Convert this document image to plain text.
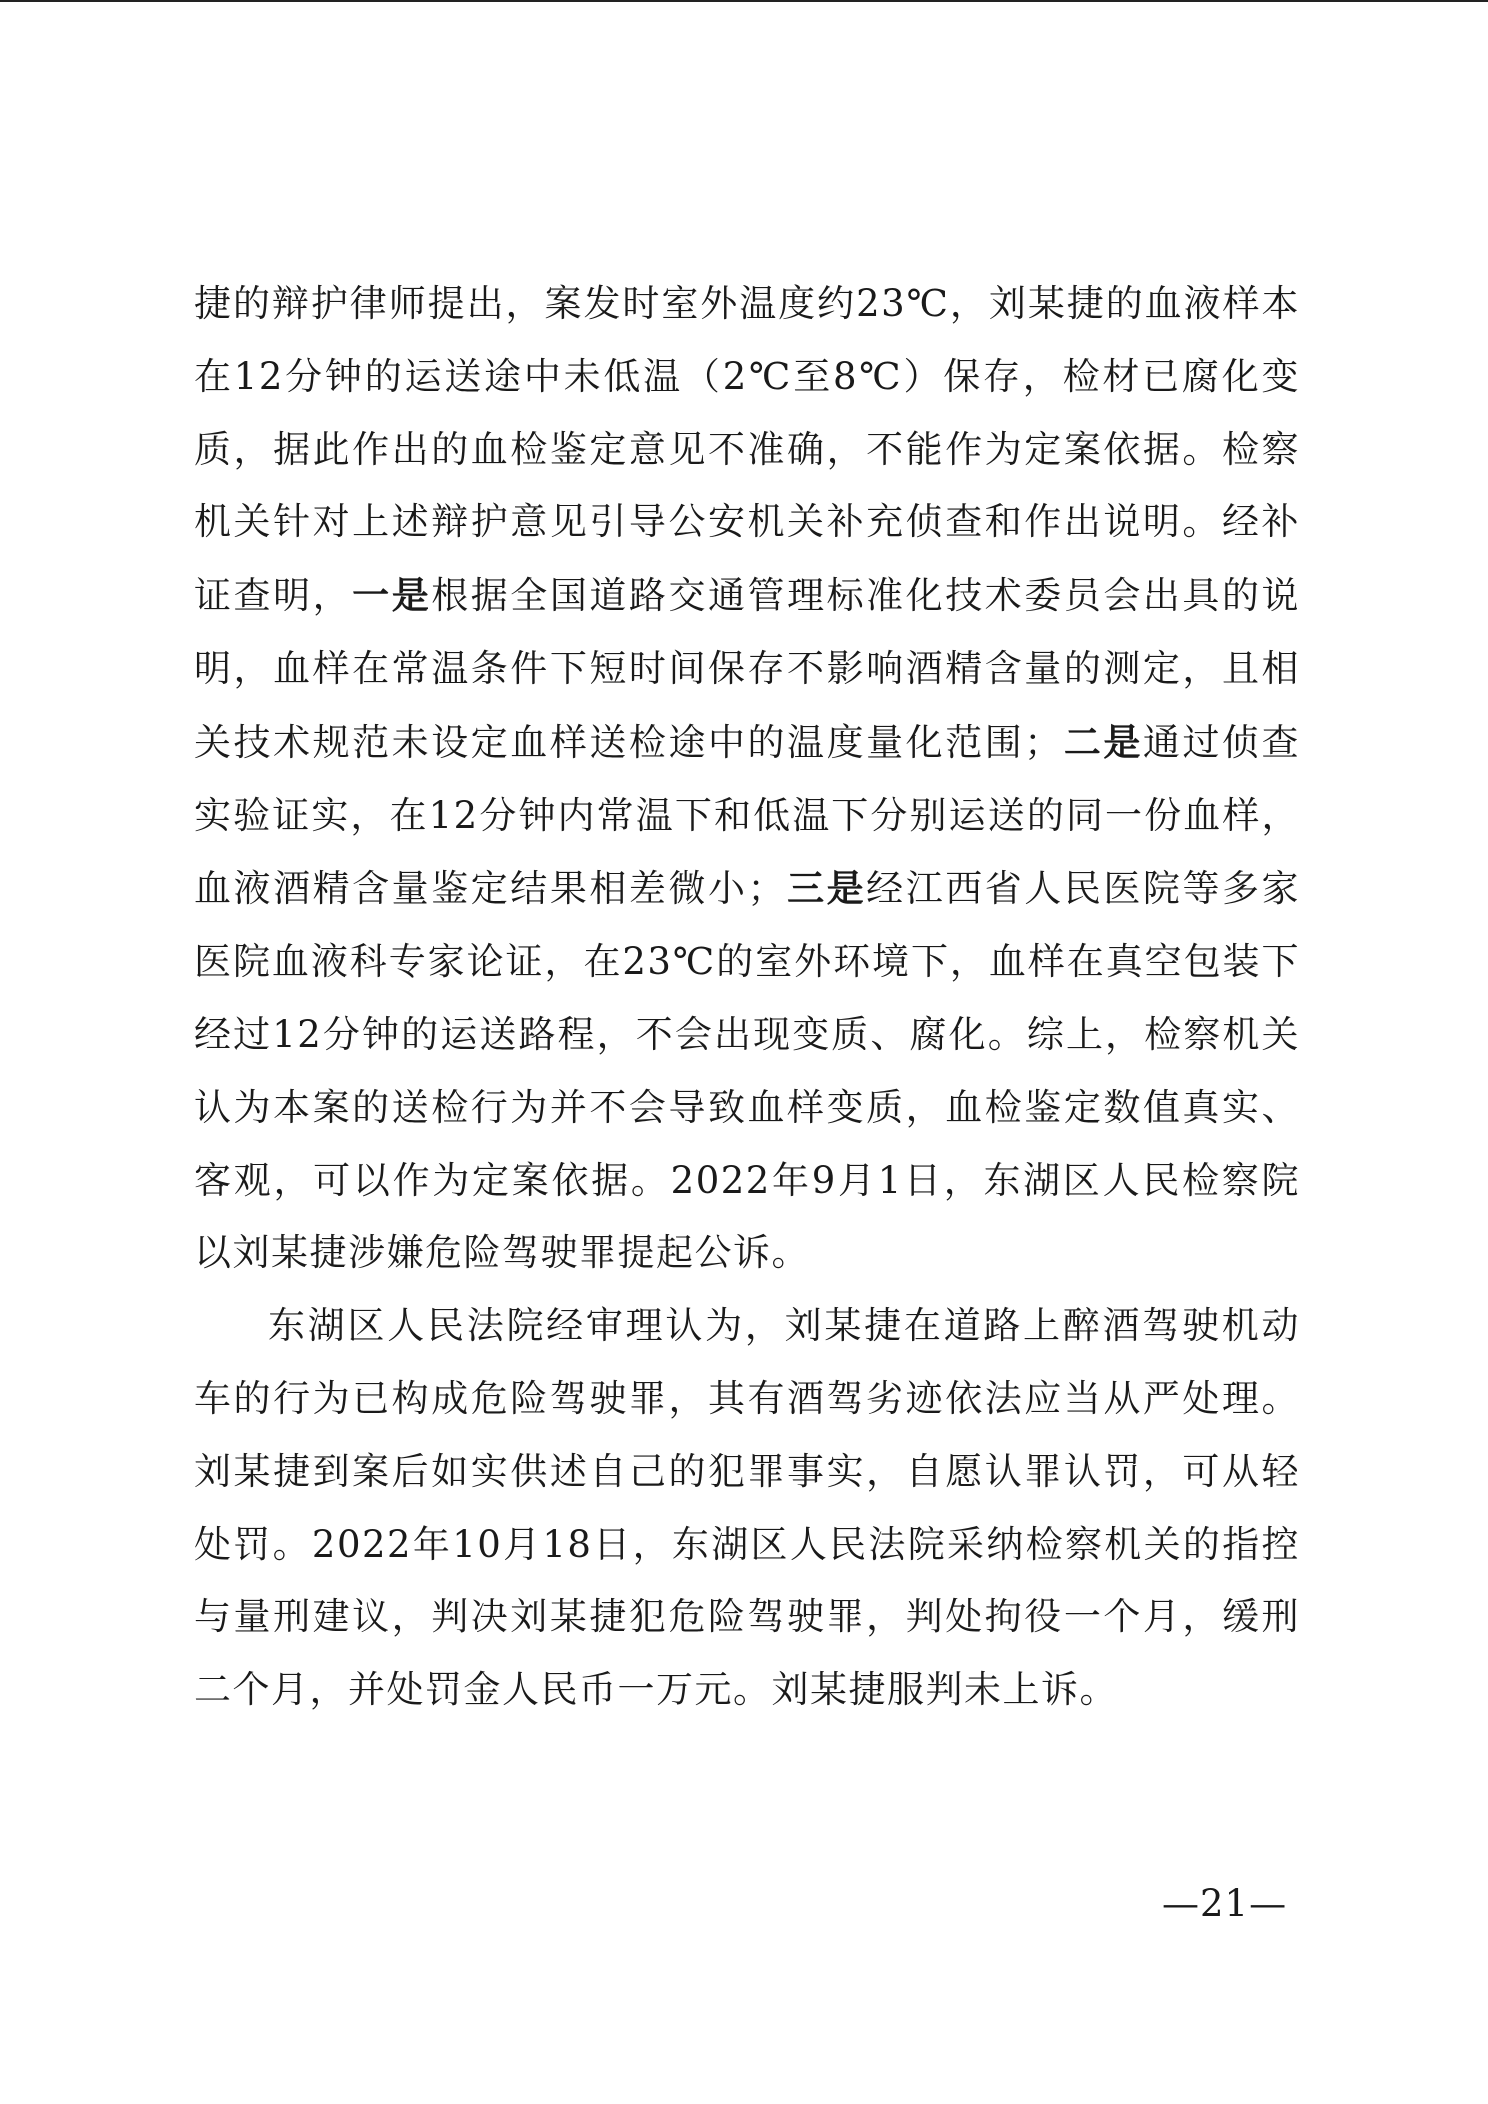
捷的辩护律师提出，案发时室外温度约23℃，刘某捷的血液样本在12分钟的运送途中未低温（2℃至8℃）保存，检材已腐化变质，据此作出的血检鉴定意见不准确，不能作为定案依据。检察机关针对上述辩护意见引导公安机关补充侦查和作出说明。经补证查明，一是根据全国道路交通管理标准化技术委员会出具的说明，血样在常温条件下短时间保存不影响酒精含量的测定，且相关技术规范未设定血样送检途中的温度量化范围；二是通过侦查实验证实，在12分钟内常温下和低温下分别运送的同一份血样，血液酒精含量鉴定结果相差微小；三是经江西省人民医院等多家医院血液科专家论证，在23℃的室外环境下，血样在真空包装下经过12分钟的运送路程，不会出现变质、腐化。综上，检察机关认为本案的送检行为并不会导致血样变质，血检鉴定数值真实、客观，可以作为定案依据。2022年9月1日，东湖区人民检察院以刘某捷涉嫌危险驾驶罪提起公诉。

东湖区人民法院经审理认为，刘某捷在道路上醉酒驾驶机动车的行为已构成危险驾驶罪，其有酒驾劣迹依法应当从严处理。刘某捷到案后如实供述自己的犯罪事实，自愿认罪认罚，可从轻处罚。2022年10月18日，东湖区人民法院采纳检察机关的指控与量刑建议，判决刘某捷犯危险驾驶罪，判处拘役一个月，缓刑二个月，并处罚金人民币一万元。刘某捷服判未上诉。

—21—
